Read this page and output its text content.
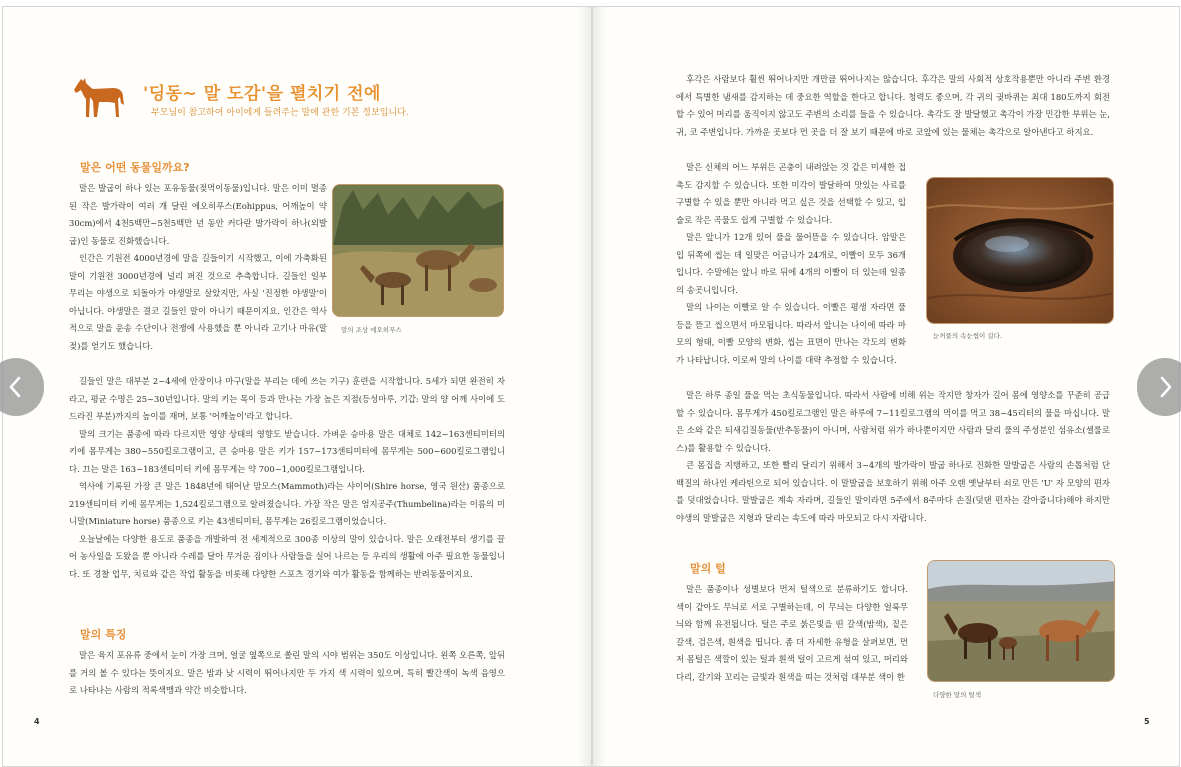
'딩동~ 말 도감'을 펼치기 전에
부모님이 참고하여 아이에게 들려주는 말에 관한 기본 정보입니다.
말은 어떤 동물일까요?

말은 발굽이 하나 있는 포유동물(젖먹이동물)입니다. 말은 이미 멸종된 작은 발가락이 여러 개 달린 에오히푸스(Eohippus, 어깨높이 약 30cm)에서 4천5백만~5천5백만 년 동안 커다란 발가락이 하나(외발굽)인 동물로 진화했습니다.

인간은 기원전 4000년경에 말을 길들이기 시작했고, 이에 가축화된 말이 기원전 3000년경에 널리 퍼진 것으로 추측합니다. 길들인 일부 무리는 야생으로 되돌아가 야생말로 살았지만, 사실 '진정한 야생말'이 아닙니다. 야생말은 결코 길들인 말이 아니기 때문이지요. 인간은 역사적으로 말을 운송 수단이나 전쟁에 사용했을 뿐 아니라 고기나 마유(말 젖)를 얻기도 했습니다.

말의 조상 에오히푸스

길들인 말은 대부분 2~4세에 안장이나 마구(말을 부리는 데에 쓰는 기구) 훈련을 시작합니다. 5세가 되면 완전히 자라고, 평균 수명은 25~30년입니다. 말의 키는 목이 등과 만나는 가장 높은 지점(등성마루, 기갑: 말의 양 어깨 사이에 도드라진 부분)까지의 높이를 재며, 보통 '어깨높이'라고 합니다.

말의 크기는 품종에 따라 다르지만 영양 상태의 영향도 받습니다. 가벼운 승마용 말은 대체로 142~163센티미터의 키에 몸무게는 380~550킬로그램이고, 큰 승마용 말은 키가 157~173센티미터에 몸무게는 500~600킬로그램입니다. 끄는 말은 163~183센티미터 키에 몸무게는 약 700~1,000킬로그램입니다.

역사에 기록된 가장 큰 말은 1848년에 태어난 맘모스(Mammoth)라는 샤이어(Shire horse, 영국 원산) 품종으로 219센티미터 키에 몸무게는 1,524킬로그램으로 알려졌습니다. 가장 작은 말은 엄지공주(Thumbelina)라는 이름의 미니말(Miniature horse) 품종으로 키는 43센티미터, 몸무게는 26킬로그램이었습니다.

오늘날에는 다양한 용도로 품종을 개발하여 전 세계적으로 300종 이상의 말이 있습니다. 말은 오래전부터 생기를 끌어 농사일을 도왔을 뿐 아니라 수레를 달아 무거운 짐이나 사람들을 실어 나르는 등 우리의 생활에 아주 필요한 동물입니다. 또 경찰 업무, 치료와 같은 작업 활동을 비롯해 다양한 스포츠 경기와 여가 활동을 함께하는 반려동물이지요.

말의 특징

말은 육지 포유류 중에서 눈이 가장 크며, 얼굴 옆쪽으로 쏠린 말의 시야 범위는 350도 이상입니다. 왼쪽 오른쪽, 앞뒤를 거의 볼 수 있다는 뜻이지요. 말은 밤과 낮 시력이 뛰어나지만 두 가지 색 시력이 있으며, 특히 빨간색이 녹색 음영으로 나타나는 사람의 적록색맹과 약간 비슷합니다.

4

후각은 사람보다 훨씬 뛰어나지만 개만큼 뛰어나지는 않습니다. 후각은 말의 사회적 상호작용뿐만 아니라 주변 환경에서 특별한 냄새를 감지하는 데 중요한 역할을 한다고 합니다. 청력도 좋으며, 각 귀의 귓바퀴는 최대 180도까지 회전할 수 있어 머리를 움직이지 않고도 주변의 소리를 들을 수 있습니다. 촉각도 잘 발달했고 촉각이 가장 민감한 부위는 눈, 귀, 코 주변입니다. 가까운 곳보다 먼 곳을 더 잘 보기 때문에 바로 코앞에 있는 물체는 촉각으로 알아낸다고 하지요.

말은 신체의 어느 부위든 곤충이 내려앉는 것 같은 미세한 접촉도 감지할 수 있습니다. 또한 미각이 발달하여 맛있는 사료를 구별할 수 있을 뿐만 아니라 먹고 싶은 것을 선택할 수 있고, 입술로 작은 곡물도 쉽게 구별할 수 있습니다.

말은 앞니가 12개 있어 풀을 물어뜯을 수 있습니다. 암말은 입 뒤쪽에 씹는 데 일맞은 어금니가 24개로, 이빨이 모두 36개입니다. 수말에는 앞니 바로 뒤에 4개의 이빨이 더 있는데 일종의 송곳니입니다.

말의 나이는 이빨로 알 수 있습니다. 이빨은 평생 자라면 풀 등을 뜯고 씹으면서 마모됩니다. 따라서 앞니는 나이에 따라 마모의 형태, 이빨 모양의 변화, 씹는 표면이 만나는 각도의 변화가 나타납니다. 이로써 말의 나이를 대략 추정할 수 있습니다.

눈꺼풀의 속눈썹이 길다.

말은 하루 종일 풀을 먹는 초식동물입니다. 따라서 사람에 비해 위는 작지만 창자가 길어 몸에 영양소를 꾸준히 공급할 수 있습니다. 몸무게가 450킬로그램인 말은 하루에 7~11킬로그램의 먹이를 먹고 38~45리터의 물을 마십니다. 말은 소와 같은 되새김질동물(반추동물)이 아니며, 사람처럼 위가 하나뿐이지만 사람과 달리 풀의 주성분인 섬유소(셀룰로스)를 활용할 수 있습니다.

큰 몸집을 지탱하고, 또한 빨리 달리기 위해서 3~4개의 발가락이 발굽 하나로 진화한 말발굽은 사람의 손톱처럼 단백질의 하나인 케라틴으로 되어 있습니다. 이 말발굽을 보호하기 위해 아주 오랜 옛날부터 쇠로 만든 'U' 자 모양의 편자를 덧대었습니다. 말발굽은 계속 자라며, 길들인 말이라면 5주에서 8주마다 손질(덧댄 편자는 갈아줍니다)해야 하지만 야생의 말발굽은 지형과 달리는 속도에 따라 마모되고 다시 자랍니다.

말의 털

말은 품종이나 성별보다 먼저 털색으로 분류하기도 합니다. 색이 같아도 무늬로 서로 구별하는데, 이 무늬는 다양한 얼룩무늬와 함께 유전됩니다. 털은 주로 붉은빛을 띤 갈색(밤색), 짙은 갈색, 검은색, 흰색을 띱니다. 좀 더 자세한 유형을 살펴보면, 먼저 몸털은 색깔이 있는 털과 흰색 털이 고르게 섞여 있고, 머리와 다리, 갈기와 꼬리는 금빛과 흰색을 띠는 것처럼 대부분 색이 한

다양한 말의 털색
5
